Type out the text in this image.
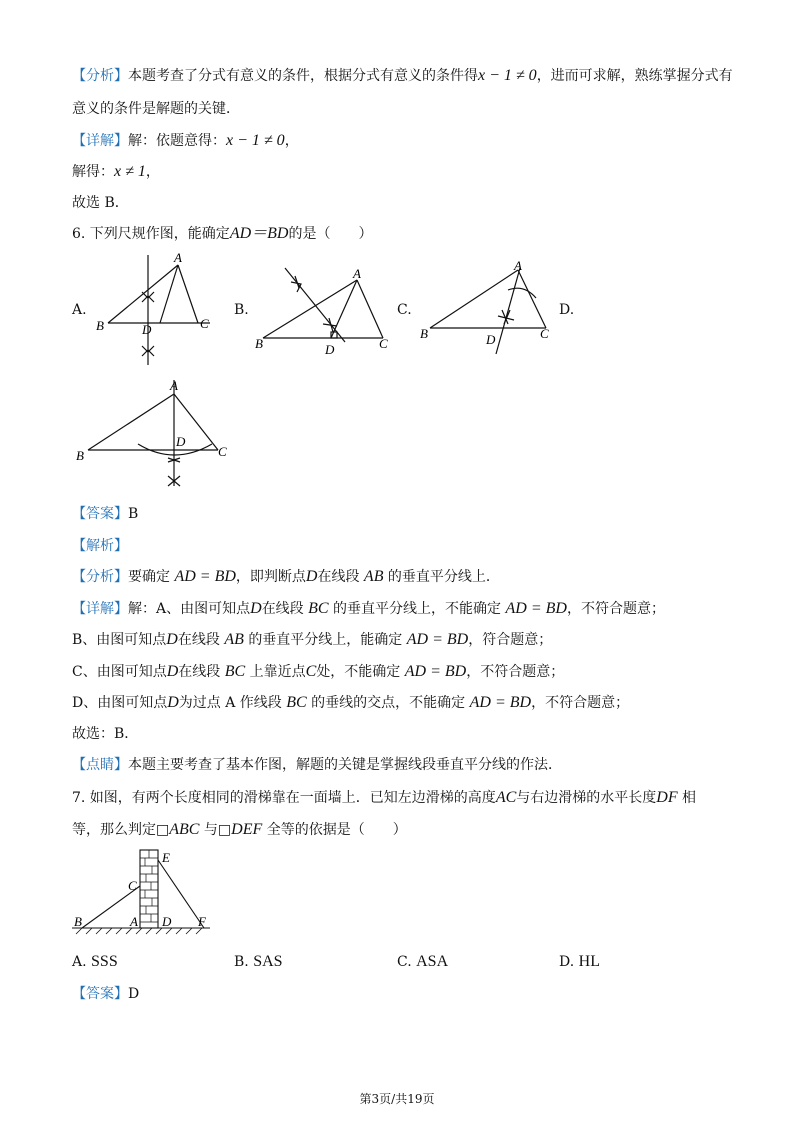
【分析】本题考查了分式有意义的条件，根据分式有意义的条件得x − 1 ≠ 0，进而可求解，熟练掌握分式有
意义的条件是解题的关键．
【详解】解：依题意得：x − 1 ≠ 0，
解得：x ≠ 1，
故选 B．
6. 下列尺规作图，能确定AD＝BD的是（　　）
A.	B.	C.	D.
A
B	C
D
A
B	C
D
A
B	C
D
A
B	C
D
【答案】B
【解析】
【分析】要确定 AD = BD，即判断点D在线段 AB 的垂直平分线上．
【详解】解：A、由图可知点D在线段 BC 的垂直平分线上，不能确定 AD = BD，不符合题意；
B、由图可知点D在线段 AB 的垂直平分线上，能确定 AD = BD，符合题意；
C、由图可知点D在线段 BC 上靠近点C处，不能确定 AD = BD，不符合题意；
D、由图可知点D为过点 A 作线段 BC 的垂线的交点，不能确定 AD = BD，不符合题意；
故选：B．
【点睛】本题主要考查了基本作图，解题的关键是掌握线段垂直平分线的作法．
7. 如图，有两个长度相同的滑梯靠在一面墙上．已知左边滑梯的高度AC与右边滑梯的水平长度DF 相
等，那么判定□ABC 与□DEF 全等的依据是（　　）
B	A
C
D
E
F
A. SSS	B. SAS	C. ASA	D. HL
【答案】D
第3页/共19页
